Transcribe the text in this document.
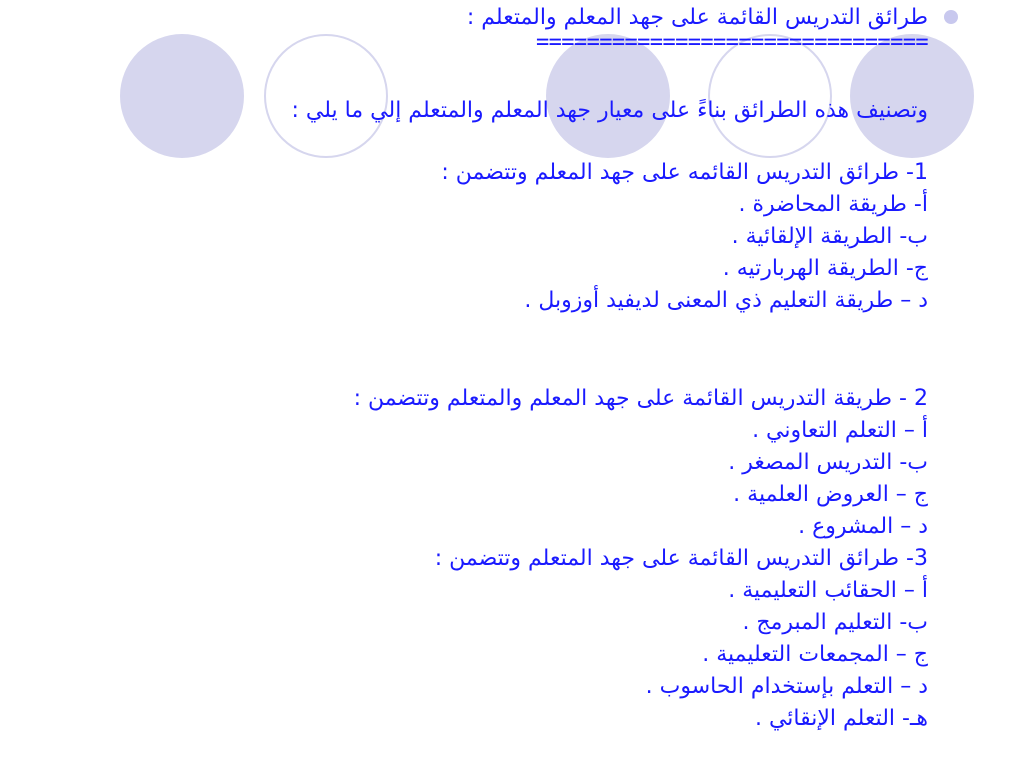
طرائق التدريس القائمة على جهد المعلم والمتعلم :
===============================
وتصنيف هذه الطرائق بناءً على معيار جهد المعلم والمتعلم إلي ما يلي :
1- طرائق التدريس القائمه على جهد المعلم وتتضمن :
أ- طريقة المحاضرة .
ب- الطريقة الإلقائية .
ج- الطريقة الهربارتيه .
د – طريقة التعليم ذي المعنى لديفيد أوزوبل .
2 - طريقة التدريس القائمة على جهد المعلم والمتعلم وتتضمن :
أ – التعلم التعاوني .
ب- التدريس المصغر .
ج – العروض العلمية .
د – المشروع .
3- طرائق التدريس القائمة على جهد المتعلم وتتضمن :
أ – الحقائب التعليمية .
ب- التعليم المبرمج .
ج – المجمعات التعليمية .
د – التعلم بإستخدام الحاسوب .
هـ- التعلم الإنقائي .
